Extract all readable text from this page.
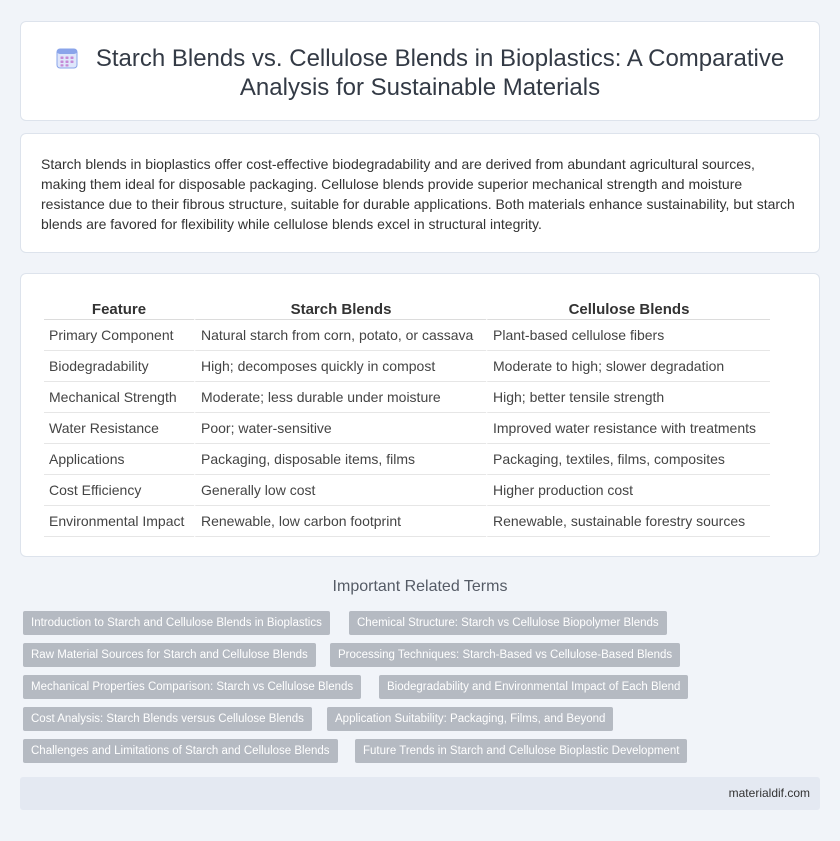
Starch Blends vs. Cellulose Blends in Bioplastics: A Comparative Analysis for Sustainable Materials

Starch blends in bioplastics offer cost-effective biodegradability and are derived from abundant agricultural sources, making them ideal for disposable packaging. Cellulose blends provide superior mechanical strength and moisture resistance due to their fibrous structure, suitable for durable applications. Both materials enhance sustainability, but starch blends are favored for flexibility while cellulose blends excel in structural integrity.

Feature	Starch Blends	Cellulose Blends
Primary Component	Natural starch from corn, potato, or cassava	Plant-based cellulose fibers
Biodegradability	High; decomposes quickly in compost	Moderate to high; slower degradation
Mechanical Strength	Moderate; less durable under moisture	High; better tensile strength
Water Resistance	Poor; water-sensitive	Improved water resistance with treatments
Applications	Packaging, disposable items, films	Packaging, textiles, films, composites
Cost Efficiency	Generally low cost	Higher production cost
Environmental Impact	Renewable, low carbon footprint	Renewable, sustainable forestry sources
Important Related Terms
Introduction to Starch and Cellulose Blends in Bioplastics	Chemical Structure: Starch vs Cellulose Biopolymer Blends
Raw Material Sources for Starch and Cellulose Blends	Processing Techniques: Starch-Based vs Cellulose-Based Blends
Mechanical Properties Comparison: Starch vs Cellulose Blends	Biodegradability and Environmental Impact of Each Blend
Cost Analysis: Starch Blends versus Cellulose Blends	Application Suitability: Packaging, Films, and Beyond
Challenges and Limitations of Starch and Cellulose Blends	Future Trends in Starch and Cellulose Bioplastic Development
materialdif.com
